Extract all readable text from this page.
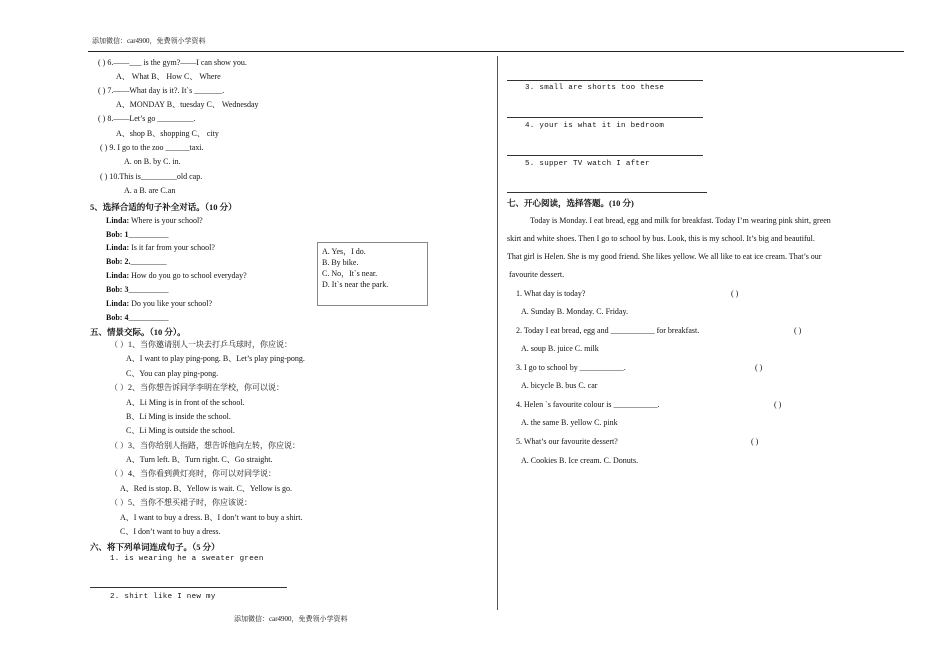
添加微信：car4900，免费领小学资料
( ) 6.——___ is the gym?——I can show you.
A、 What B、 How C、 Where
( ) 7.——What day is it?. It`s _______.
A、MONDAY B、tuesday C、 Wednesday
( ) 8.——Let’s go _________.
A、shop B、shopping C、 city
( ) 9. I go to the zoo ______taxi.
A. on B. by C. in.
( ) 10.This is_________old cap.
A. a B. are C.an
5、选择合适的句子补全对话。（10 分）
Linda: Where is your school?
Bob: 1__________
Linda: Is it far from your school?
Bob: 2._________
Linda: How do you go to school everyday?
Bob: 3__________
Linda: Do you like your school?
Bob: 4__________
A. Yes，I do.
B. By bike.
C. No，It`s near.
D. It`s near the park.
五、情景交际。（10 分）。
（ ）1、当你邀请别人一块去打乒乓球时，你应说：
A、I want to play ping-pong. B、Let’s play ping-pong.
C、You can play ping-pong.
（ ）2、当你想告诉同学李明在学校，你可以说：
A、Li Ming is in front of the school.
B、Li Ming is inside the school.
C、Li Ming is outside the school.
（ ）3、当你给别人指路，想告诉他向左转，你应说：
A、Turn left. B、Turn right. C、Go straight.
（ ）4、当你看到黄灯亮时，你可以对同学说：
A、Red is stop. B、Yellow is wait. C、Yellow is go.
（ ）5、当你不想买裙子时，你应该说：
A、I want to buy a dress. B、I don’t want to buy a shirt.
C、I don’t want to buy a dress.
六、将下列单词连成句子。（5 分）
1. is wearing he a sweater green
2. shirt like I new my
3. small are shorts too these
4. your is what it in bedroom
5. supper TV watch I after
七、开心阅读，选择答题。(10 分)
Today is Monday. I eat bread, egg and milk for breakfast. Today I’m wearing pink shirt, green
skirt and white shoes. Then I go to school by bus. Look, this is my school. It’s big and beautiful.
That girl is Helen. She is my good friend. She likes yellow. We all like to eat ice cream. That’s our
favourite dessert.
1. What day is today?	( )
A. Sunday B. Monday. C. Friday.
2. Today I eat bread, egg and ___________ for breakfast.	( )
A. soup B. juice C. milk
3. I go to school by ___________.	( )
A. bicycle B. bus C. car
4. Helen `s favourite colour is ___________.	( )
A. the same B. yellow C. pink
5. What’s our favourite dessert?	( )
A. Cookies B. Ice cream. C. Donuts.
添加微信：car4900，免费领小学资料
